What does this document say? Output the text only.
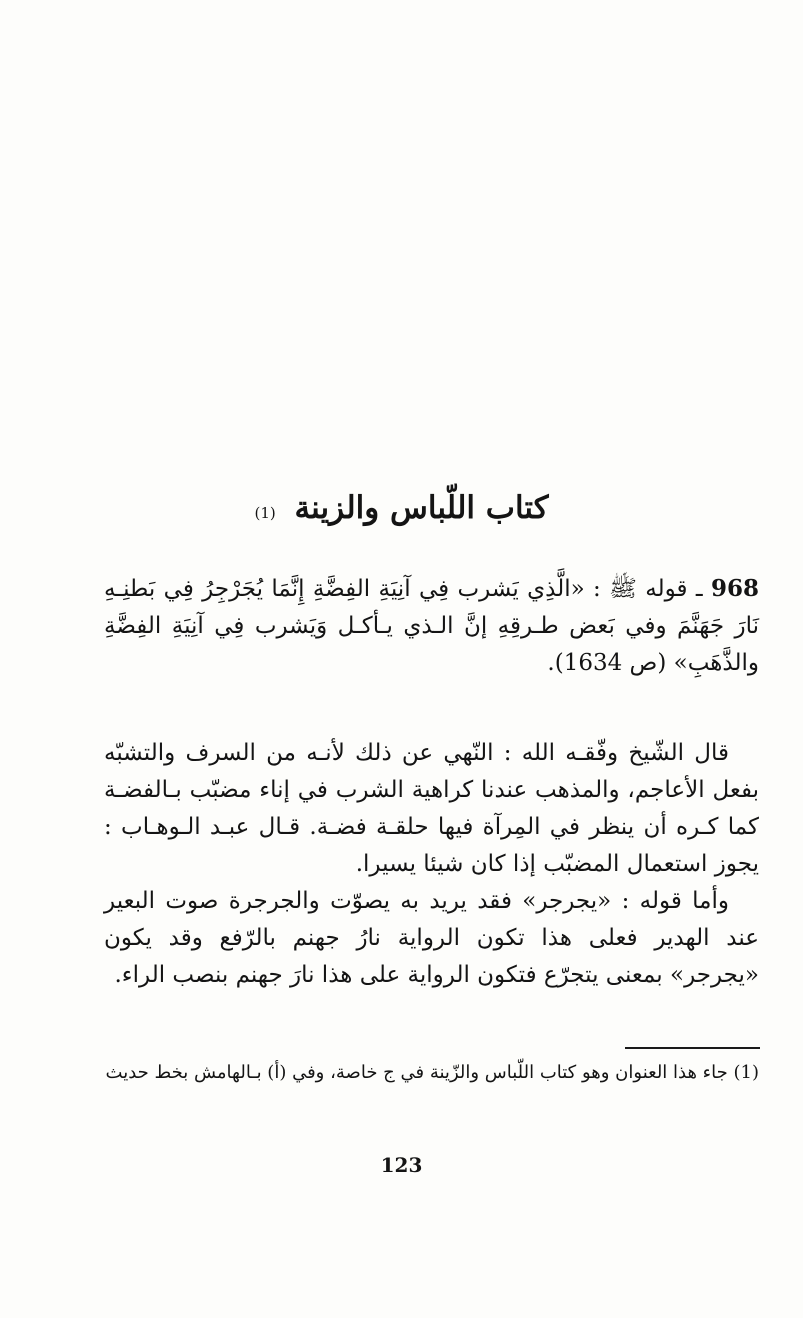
كتاب اللّباس والزينة (1)
968 ـ قوله ﷺ : «الَّذِي يَشرب فِي آنِيَةِ الفِضَّةِ إِنَّمَا يُجَرْجِرُ فِي بَطنِـهِ نَارَ جَهَنَّمَ وفي بَعض طـرقِهِ إنَّ الـذي يـأكـل وَيَشرب فِي آنِيَةِ الفِضَّةِ والذَّهَبِ» (ص 1634).

قال الشّيخ وفّقـه الله : النّهي عن ذلك لأنـه من السرف والتشبّه بفعل الأعاجم، والمذهب عندنا كراهية الشرب في إناء مضبّب بـالفضـة كما كـره أن ينظر في المِرآة فيها حلقـة فضـة. قـال عبـد الـوهـاب : يجوز استعمال المضبّب إذا كان شيئا يسيرا.

وأما قوله : «يجرجر» فقد يريد به يصوّت والجرجرة صوت البعير عند الهدير فعلى هذا تكون الرواية نارُ جهنم بالرّفع وقد يكون «يجرجر» بمعنى يتجرّع فتكون الرواية على هذا نارَ جهنم بنصب الراء.

(1) جاء هذا العنوان وهو كتاب اللّباس والزّينة في ج خاصة، وفي (أ) بـالهامش بخط حديث
123
